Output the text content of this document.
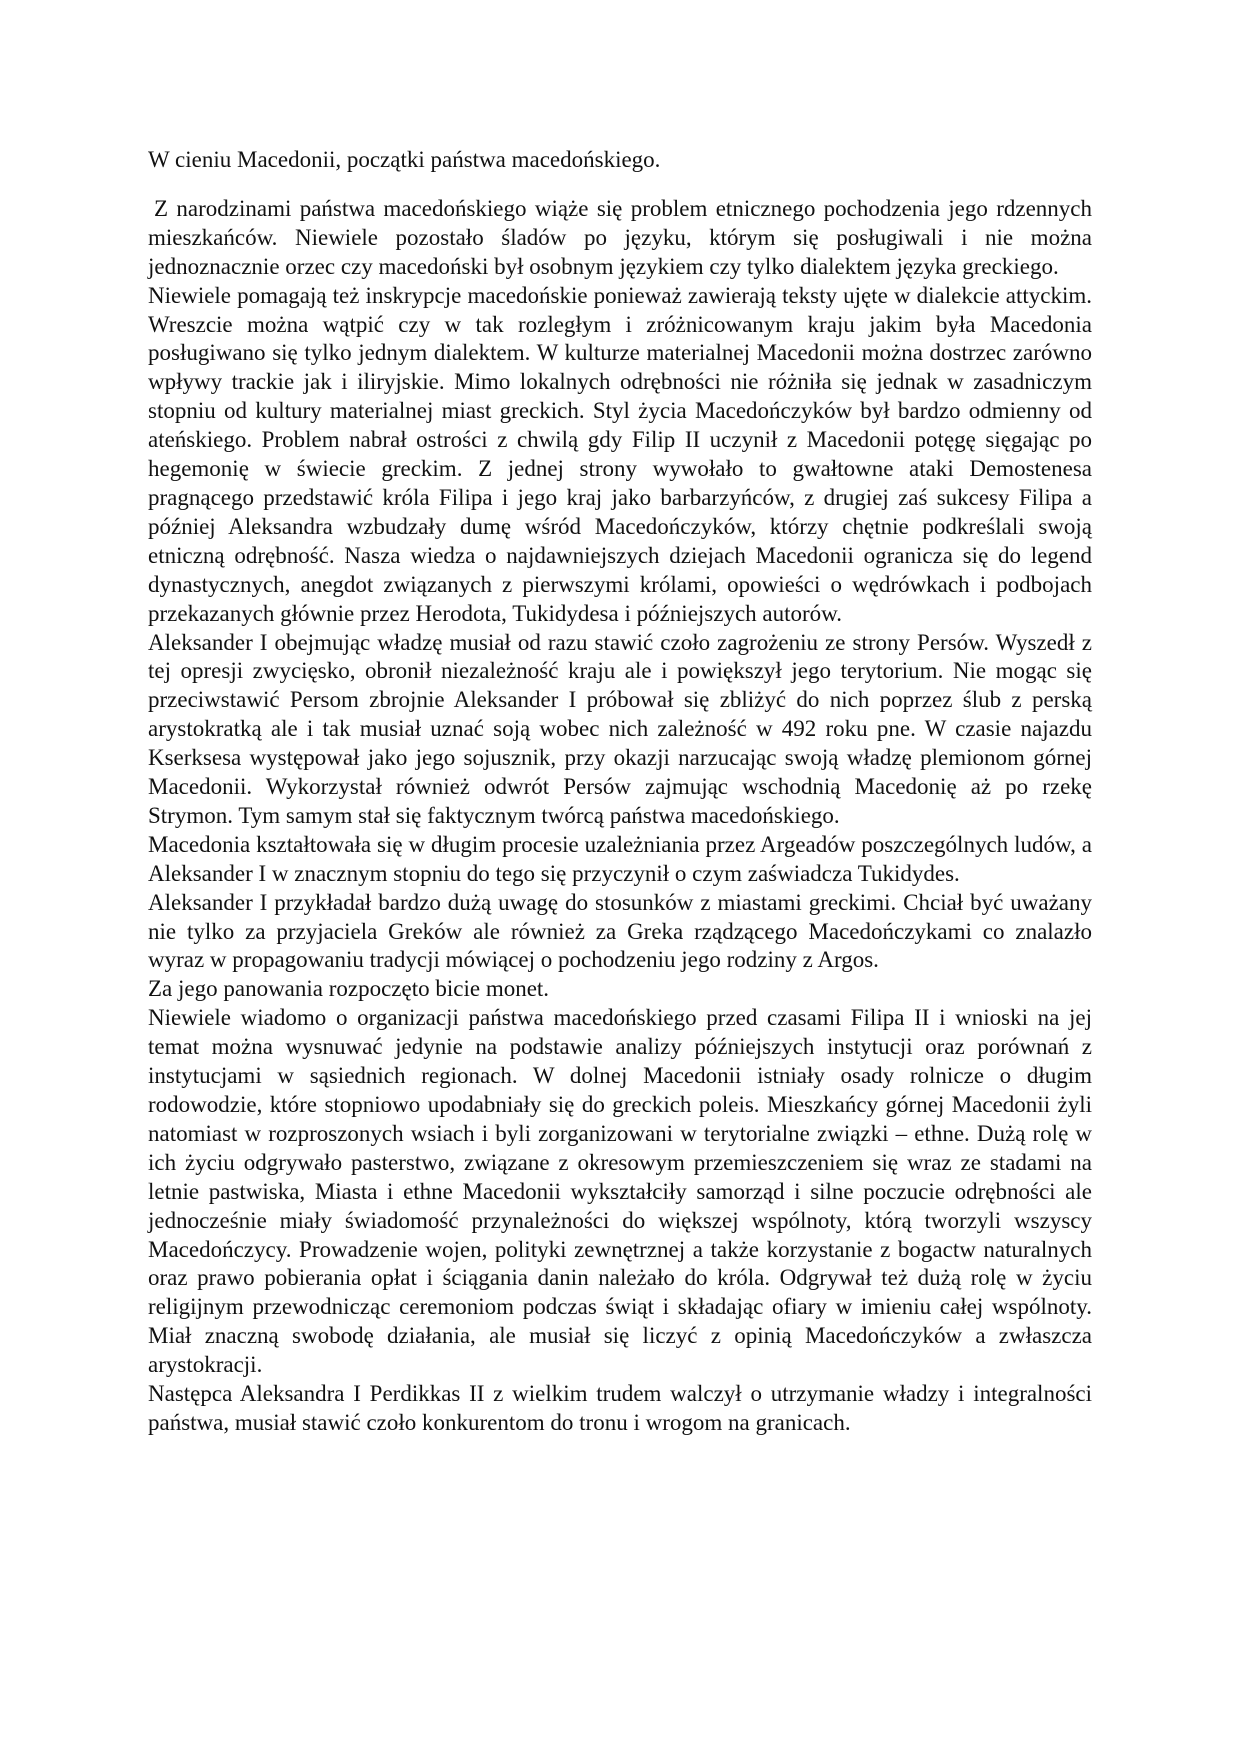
W cieniu Macedonii, początki państwa macedońskiego.

Z narodzinami państwa macedońskiego wiąże się problem etnicznego pochodzenia jego rdzennych mieszkańców. Niewiele pozostało śladów po języku, którym się posługiwali i nie można jednoznacznie orzec czy macedoński był osobnym językiem czy tylko dialektem języka greckiego.

Niewiele pomagają też inskrypcje macedońskie ponieważ zawierają teksty ujęte w dialekcie attyckim. Wreszcie można wątpić czy w tak rozległym i zróżnicowanym kraju jakim była Macedonia posługiwano się tylko jednym dialektem. W kulturze materialnej Macedonii można dostrzec zarówno wpływy trackie jak i iliryjskie. Mimo lokalnych odrębności nie różniła się jednak w zasadniczym stopniu od kultury materialnej miast greckich. Styl życia Macedończyków był bardzo odmienny od ateńskiego. Problem nabrał ostrości z chwilą gdy Filip II uczynił z Macedonii potęgę sięgając po hegemonię w świecie greckim. Z jednej strony wywołało to gwałtowne ataki Demostenesa pragnącego przedstawić króla Filipa i jego kraj jako barbarzyńców, z drugiej zaś sukcesy Filipa a później Aleksandra wzbudzały dumę wśród Macedończyków, którzy chętnie podkreślali swoją etniczną odrębność. Nasza wiedza o najdawniejszych dziejach Macedonii ogranicza się do legend dynastycznych, anegdot związanych z pierwszymi królami, opowieści o wędrówkach i podbojach przekazanych głównie przez Herodota, Tukidydesa i późniejszych autorów.

Aleksander I obejmując władzę musiał od razu stawić czoło zagrożeniu ze strony Persów. Wyszedł z tej opresji zwycięsko, obronił niezależność kraju ale i powiększył jego terytorium. Nie mogąc się przeciwstawić Persom zbrojnie Aleksander I próbował się zbliżyć do nich poprzez ślub z perską arystokratką ale i tak musiał uznać soją wobec nich zależność w 492 roku pne. W czasie najazdu Kserksesa występował jako jego sojusznik, przy okazji narzucając swoją władzę plemionom górnej Macedonii. Wykorzystał również odwrót Persów zajmując wschodnią Macedonię aż po rzekę Strymon. Tym samym stał się faktycznym twórcą państwa macedońskiego.

Macedonia kształtowała się w długim procesie uzależniania przez Argeadów poszczególnych ludów, a Aleksander I w znacznym stopniu do tego się przyczynił o czym zaświadcza Tukidydes.

Aleksander I przykładał bardzo dużą uwagę do stosunków z miastami greckimi. Chciał być uważany nie tylko za przyjaciela Greków ale również za Greka rządzącego Macedończykami co znalazło wyraz w propagowaniu tradycji mówiącej o pochodzeniu jego rodziny z Argos.

Za jego panowania rozpoczęto bicie monet.

Niewiele wiadomo o organizacji państwa macedońskiego przed czasami Filipa II i wnioski na jej temat można wysnuwać jedynie na podstawie analizy późniejszych instytucji oraz porównań z instytucjami w sąsiednich regionach. W dolnej Macedonii istniały osady rolnicze o długim rodowodzie, które stopniowo upodabniały się do greckich poleis. Mieszkańcy górnej Macedonii żyli natomiast w rozproszonych wsiach i byli zorganizowani w terytorialne związki – ethne. Dużą rolę w ich życiu odgrywało pasterstwo, związane z okresowym przemieszczeniem się wraz ze stadami na letnie pastwiska, Miasta i ethne Macedonii wykształciły samorząd i silne poczucie odrębności ale jednocześnie miały świadomość przynależności do większej wspólnoty, którą tworzyli wszyscy Macedończycy. Prowadzenie wojen, polityki zewnętrznej a także korzystanie z bogactw naturalnych oraz prawo pobierania opłat i ściągania danin należało do króla. Odgrywał też dużą rolę w życiu religijnym przewodnicząc ceremoniom podczas świąt i składając ofiary w imieniu całej wspólnoty. Miał znaczną swobodę działania, ale musiał się liczyć z opinią Macedończyków a zwłaszcza arystokracji.

Następca Aleksandra I Perdikkas II z wielkim trudem walczył o utrzymanie władzy i integralności państwa, musiał stawić czoło konkurentom do tronu i wrogom na granicach.
